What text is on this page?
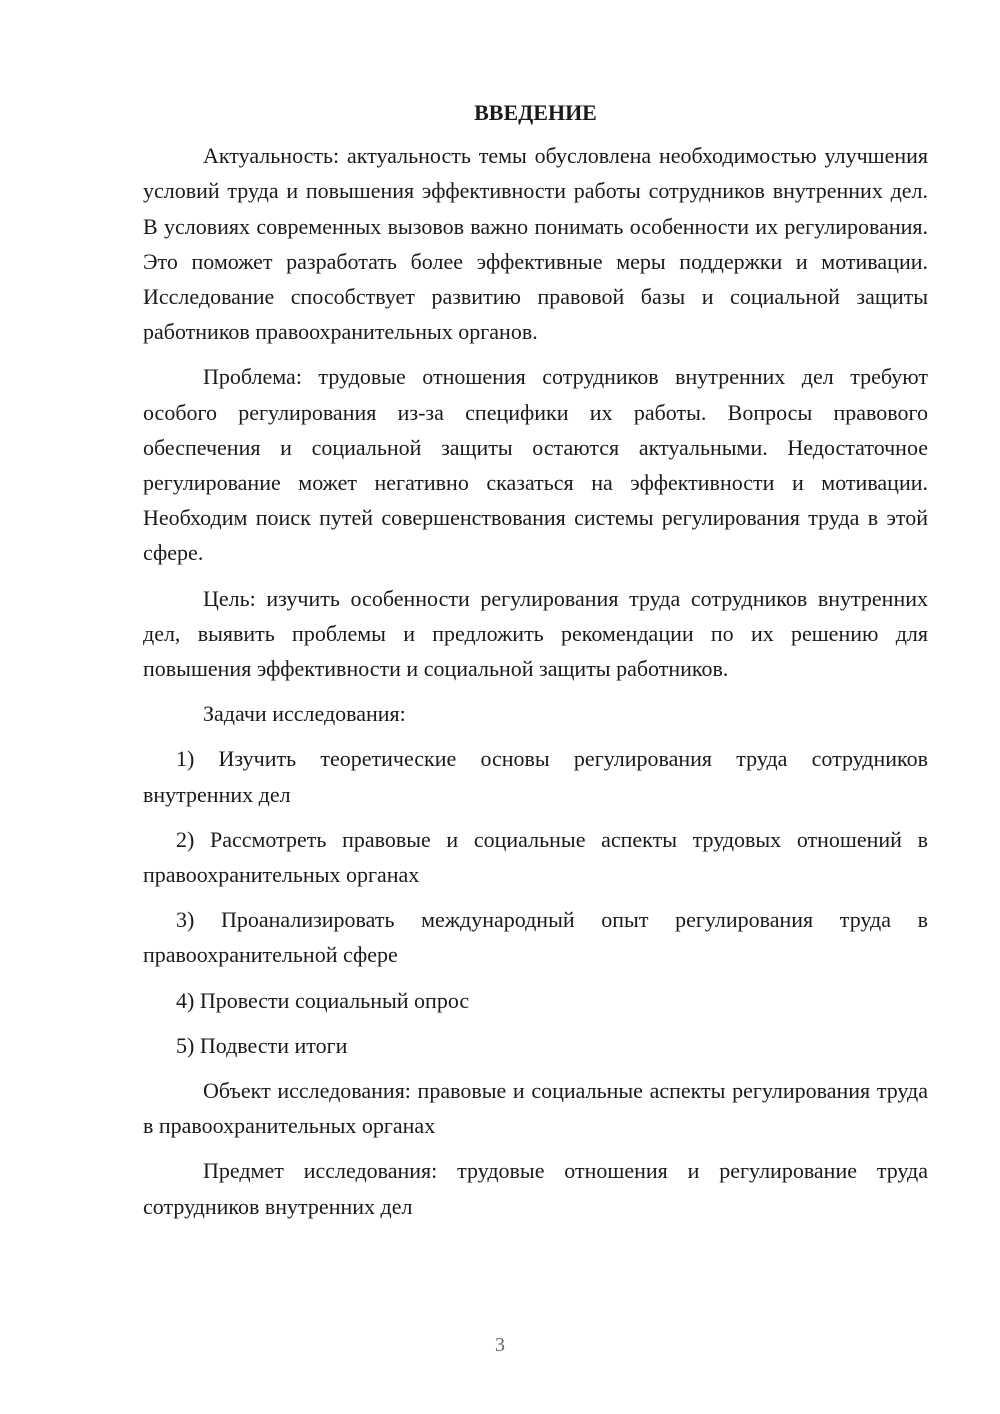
ВВЕДЕНИЕ

Актуальность: актуальность темы обусловлена необходимостью улучшения условий труда и повышения эффективности работы сотрудников внутренних дел. В условиях современных вызовов важно понимать особенности их регулирования. Это поможет разработать более эффективные меры поддержки и мотивации. Исследование способствует развитию правовой базы и социальной защиты работников правоохранительных органов.

Проблема: трудовые отношения сотрудников внутренних дел требуют особого регулирования из-за специфики их работы. Вопросы правового обеспечения и социальной защиты остаются актуальными. Недостаточное регулирование может негативно сказаться на эффективности и мотивации. Необходим поиск путей совершенствования системы регулирования труда в этой сфере.

Цель: изучить особенности регулирования труда сотрудников внутренних дел, выявить проблемы и предложить рекомендации по их решению для повышения эффективности и социальной защиты работников.

Задачи исследования:

1) Изучить теоретические основы регулирования труда сотрудников внутренних дел

2) Рассмотреть правовые и социальные аспекты трудовых отношений в правоохранительных органах

3) Проанализировать международный опыт регулирования труда в правоохранительной сфере

4) Провести социальный опрос

5) Подвести итоги

Объект исследования: правовые и социальные аспекты регулирования труда в правоохранительных органах

Предмет исследования: трудовые отношения и регулирование труда сотрудников внутренних дел

3
